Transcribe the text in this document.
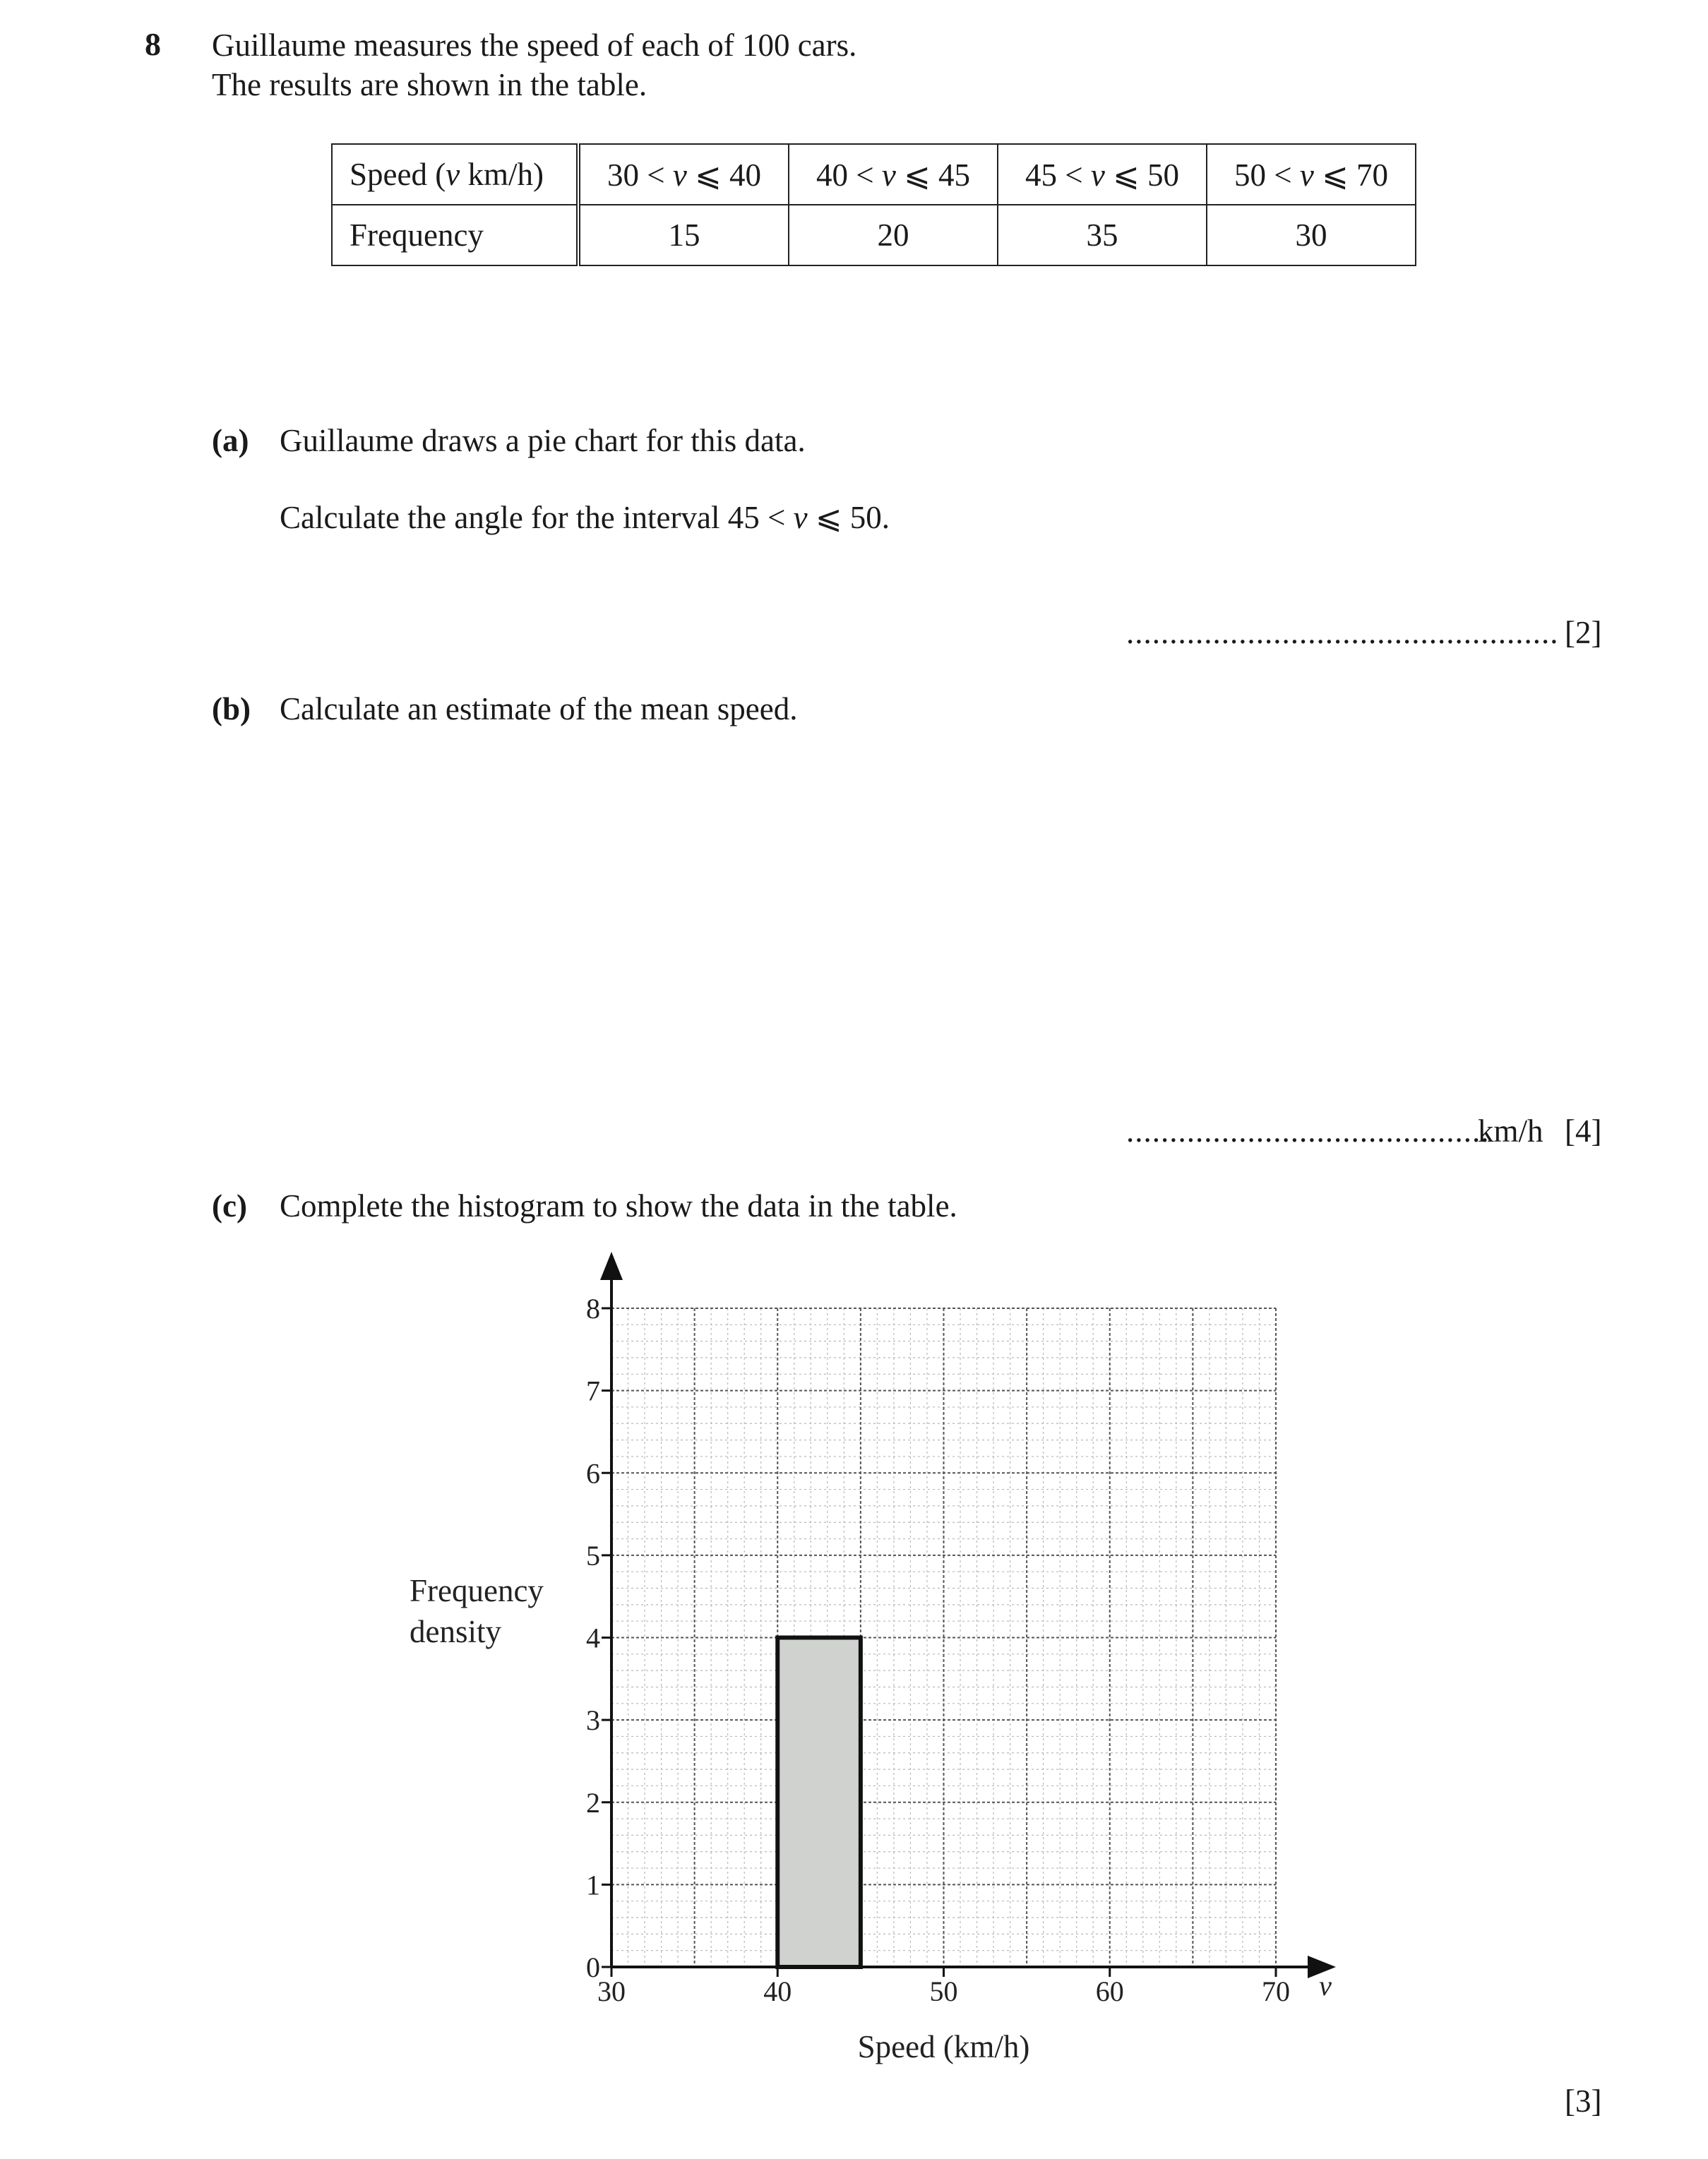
8 Guillaume measures the speed of each of 100 cars.
The results are shown in the table.
Speed (v km/h)	30 < v ⩽ 40	40 < v ⩽ 45	45 < v ⩽ 50	50 < v ⩽ 70
Frequency	15	20	35	30
(a) Guillaume draws a pie chart for this data.
Calculate the angle for the interval 45 < v ⩽ 50.
.................................................. [2]
(b) Calculate an estimate of the mean speed.
..........................................
km/h [4]
(c) Complete the histogram to show the data in the table.
0
1
2
3
4
5
6
7
8
30	40	50	60	70
Speed (km/h)
v
Frequency
density
[3]
